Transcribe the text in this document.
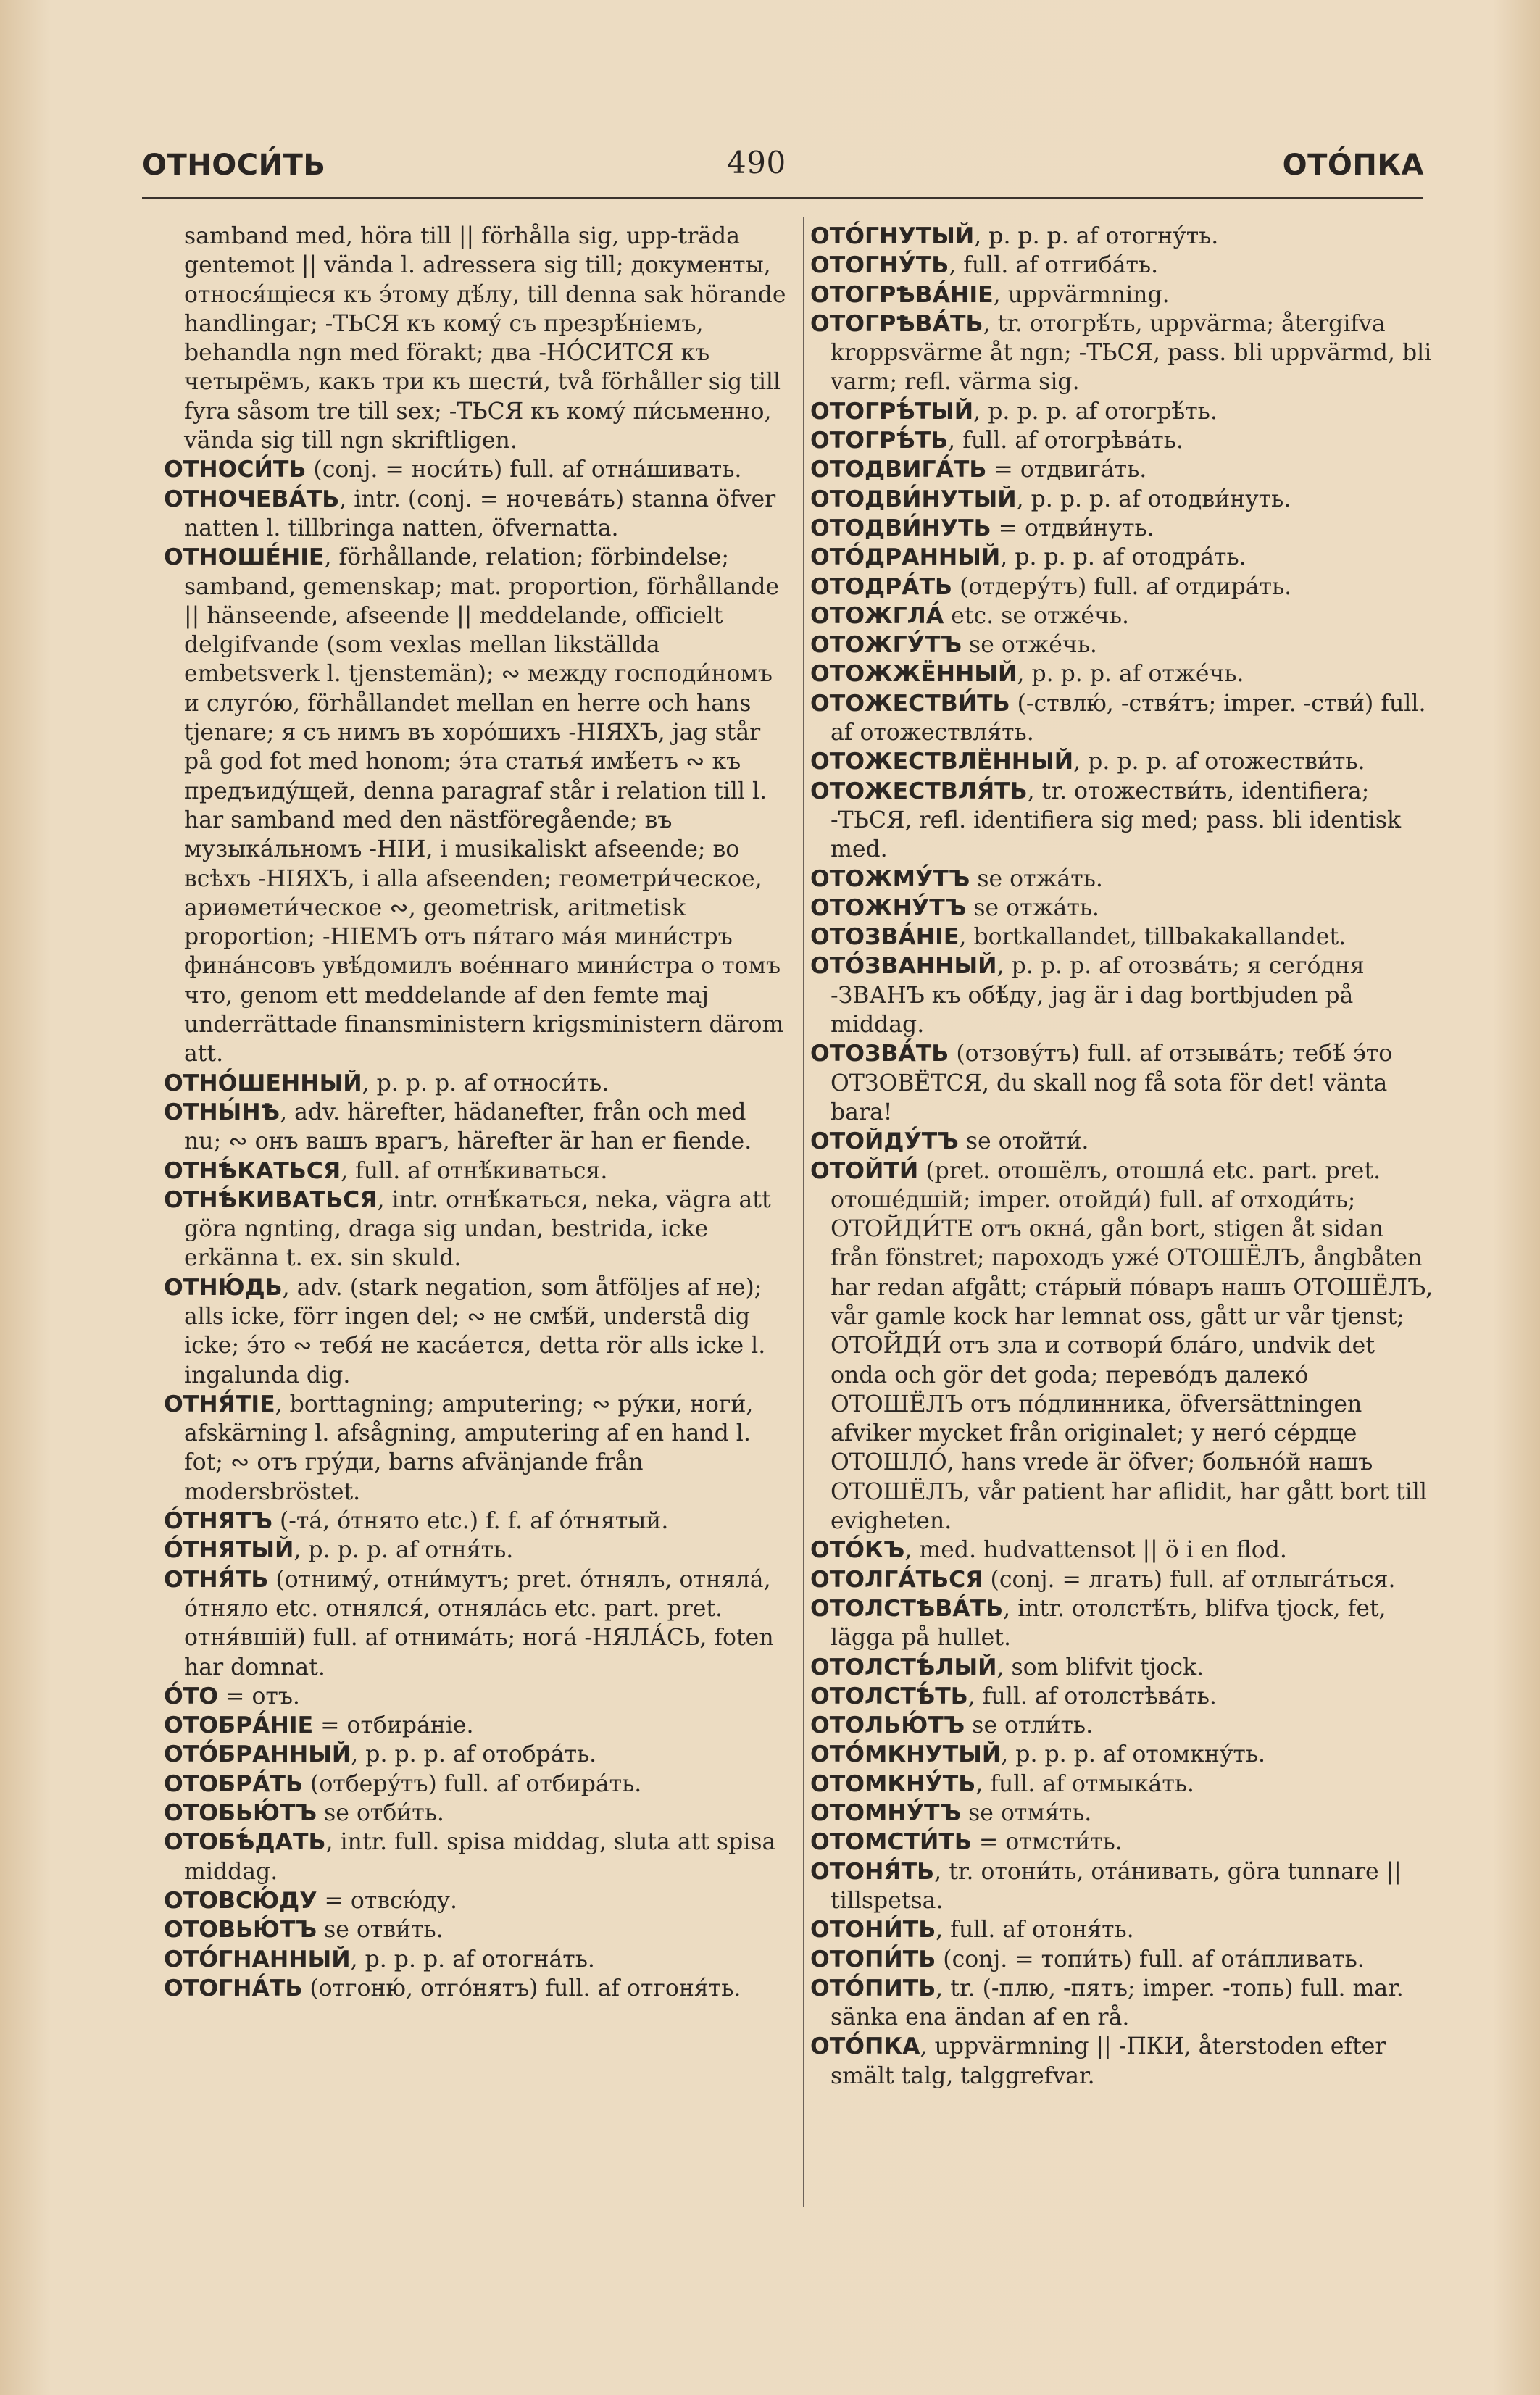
ОТНОСИ́ТЬ	490	ОТО́ПКА
samband med, höra till || förhålla sig, upp-träda gentemot || vända l. adressera sig till; документы, относя́щіеся къ э́тому дѣ́лу, till denna sak hörande handlingar; -ТЬСЯ къ кому́ съ презрѣ́ніемъ, behandla ngn med förakt; два -НО́СИТСЯ къ четырёмъ, какъ три къ шести́, två förhåller sig till fyra såsom tre till sex; -ТЬСЯ къ кому́ пи́сьменно, vända sig till ngn skriftligen.
ОТНОСИ́ТЬ (conj. = носи́ть) full. af отна́шивать.
ОТНОЧЕВА́ТЬ, intr. (conj. = ночева́ть) stanna öfver natten l. tillbringa natten, öfvernatta.
ОТНОШЕ́НІЕ, förhållande, relation; förbindelse; samband, gemenskap; mat. proportion, förhållande || hänseende, afseende || meddelande, officielt delgifvande (som vexlas mellan likställda embetsverk l. tjenstemän); ∾ между господи́номъ и слуго́ю, förhållandet mellan en herre och hans tjenare; я съ нимъ въ хоро́шихъ -НІЯХЪ, jag står på god fot med honom; э́та статья́ имѣ́етъ ∾ къ предъиду́щей, denna paragraf står i relation till l. har samband med den nästföregående; въ музыка́льномъ -НІИ, i musikaliskt afseende; во всѣхъ -НІЯХЪ, i alla afseenden; геометри́ческое, ариѳмети́ческое ∾, geometrisk, aritmetisk proportion; -НІЕМЪ отъ пя́таго ма́я мини́стръ фина́нсовъ увѣ́домилъ вое́ннаго мини́стра о томъ что, genom ett meddelande af den femte maj underrättade finansministern krigsministern därom att.
ОТНО́ШЕННЫЙ, p. p. p. af относи́ть.
ОТНЫ́НѢ, adv. härefter, hädanefter, från och med nu; ∾ онъ вашъ врагъ, härefter är han er fiende.
ОТНѢ́КАТЬСЯ, full. af отнѣ́киваться.
ОТНѢ́КИВАТЬСЯ, intr. отнѣ́каться, neka, vägra att göra ngnting, draga sig undan, bestrida, icke erkänna t. ex. sin skuld.
ОТНЮ́ДЬ, adv. (stark negation, som åtföljes af не); alls icke, förr ingen del; ∾ не смѣ́й, understå dig icke; э́то ∾ тебя́ не каса́ется, detta rör alls icke l. ingalunda dig.
ОТНЯ́ТІЕ, borttagning; amputering; ∾ ру́ки, ноги́, afskärning l. afsågning, amputering af en hand l. fot; ∾ отъ гру́ди, barns afvänjande från modersbröstet.
О́ТНЯТЪ (-та́, о́тнято etc.) f. f. af о́тнятый.
О́ТНЯТЫЙ, p. p. p. af отня́ть.
ОТНЯ́ТЬ (отниму́, отни́мутъ; pret. о́тнялъ, отняла́, о́тняло etc. отнялся́, отняла́сь etc. part. pret. отня́вшій) full. af отнима́ть; нога́ -НЯЛА́СЬ, foten har domnat.
О́ТО = отъ.
ОТОБРА́НІЕ = отбира́ніе.
ОТО́БРАННЫЙ, p. p. p. af отобра́ть.
ОТОБРА́ТЬ (отберу́тъ) full. af отбира́ть.
ОТОБЬЮ́ТЪ se отби́ть.
ОТОБѢ́ДАТЬ, intr. full. spisa middag, sluta att spisa middag.
ОТОВСЮ́ДУ = отвсю́ду.
ОТОВЬЮ́ТЪ se отви́ть.
ОТО́ГНАННЫЙ, p. p. p. af отогна́ть.
ОТОГНА́ТЬ (отгоню́, отго́нятъ) full. af отгоня́ть.
ОТО́ГНУТЫЙ, p. p. p. af отогну́ть.
ОТОГНУ́ТЬ, full. af отгиба́ть.
ОТОГРѢВА́НІЕ, uppvärmning.
ОТОГРѢВА́ТЬ, tr. отогрѣ́ть, uppvärma; återgifva kroppsvärme åt ngn; -ТЬСЯ, pass. bli uppvärmd, bli varm; refl. värma sig.
ОТОГРѢ́ТЫЙ, p. p. p. af отогрѣ́ть.
ОТОГРѢ́ТЬ, full. af отогрѣва́ть.
ОТОДВИГА́ТЬ = отдвига́ть.
ОТОДВИ́НУТЫЙ, p. p. p. af отодви́нуть.
ОТОДВИ́НУТЬ = отдви́нуть.
ОТО́ДРАННЫЙ, p. p. p. af отодра́ть.
ОТОДРА́ТЬ (отдеру́тъ) full. af отдира́ть.
ОТОЖГЛА́ etc. se отже́чь.
ОТОЖГУ́ТЪ se отже́чь.
ОТОЖЖЁННЫЙ, p. p. p. af отже́чь.
ОТОЖЕСТВИ́ТЬ (-ствлю́, -ствя́тъ; imper. -стви́) full. af отожествля́ть.
ОТОЖЕСТВЛЁННЫЙ, p. p. p. af отожестви́ть.
ОТОЖЕСТВЛЯ́ТЬ, tr. отожестви́ть, identifiera; -ТЬСЯ, refl. identifiera sig med; pass. bli identisk med.
ОТОЖМУ́ТЪ se отжа́ть.
ОТОЖНУ́ТЪ se отжа́ть.
ОТОЗВА́НІЕ, bortkallandet, tillbakakallandet.
ОТО́ЗВАННЫЙ, p. p. p. af отозва́ть; я сего́дня -ЗВАНЪ къ обѣ́ду, jag är i dag bortbjuden på middag.
ОТОЗВА́ТЬ (отзову́тъ) full. af отзыва́ть; тебѣ́ э́то ОТЗОВЁТСЯ, du skall nog få sota för det! vänta bara!
ОТОЙДУ́ТЪ se отойти́.
ОТОЙТИ́ (pret. отошёлъ, отошла́ etc. part. pret. отоше́дшій; imper. отойди́) full. af отходи́ть; ОТОЙДИ́ТЕ отъ окна́, gån bort, stigen åt sidan från fönstret; пароходъ уже́ ОТОШЁЛЪ, ångbåten har redan afgått; ста́рый по́варъ нашъ ОТОШЁЛЪ, vår gamle kock har lemnat oss, gått ur vår tjenst; ОТОЙДИ́ отъ зла и сотвори́ бла́го, undvik det onda och gör det goda; перево́дъ далеко́ ОТОШЁЛЪ отъ по́длинника, öfversättningen afviker mycket från originalet; у него́ се́рдце ОТОШЛО́, hans vrede är öfver; больно́й нашъ ОТОШЁЛЪ, vår patient har aflidit, har gått bort till evigheten.
ОТО́КЪ, med. hudvattensot || ö i en flod.
ОТОЛГА́ТЬСЯ (conj. = лгать) full. af отлыга́ться.
ОТОЛСТѢВА́ТЬ, intr. отолстѣ́ть, blifva tjock, fet, lägga på hullet.
ОТОЛСТѢ́ЛЫЙ, som blifvit tjock.
ОТОЛСТѢ́ТЬ, full. af отолстѣва́ть.
ОТОЛЬЮ́ТЪ se отли́ть.
ОТО́МКНУТЫЙ, p. p. p. af отомкну́ть.
ОТОМКНУ́ТЬ, full. af отмыка́ть.
ОТОМНУ́ТЪ se отмя́ть.
ОТОМСТИ́ТЬ = отмсти́ть.
ОТОНЯ́ТЬ, tr. отони́ть, ота́нивать, göra tunnare || tillspetsa.
ОТОНИ́ТЬ, full. af отоня́ть.
ОТОПИ́ТЬ (conj. = топи́ть) full. af ота́пливать.
ОТО́ПИТЬ, tr. (-плю, -пятъ; imper. -топь) full. mar. sänka ena ändan af en rå.
ОТО́ПКА, uppvärmning || -ПКИ, återstoden efter smält talg, talggrefvar.
